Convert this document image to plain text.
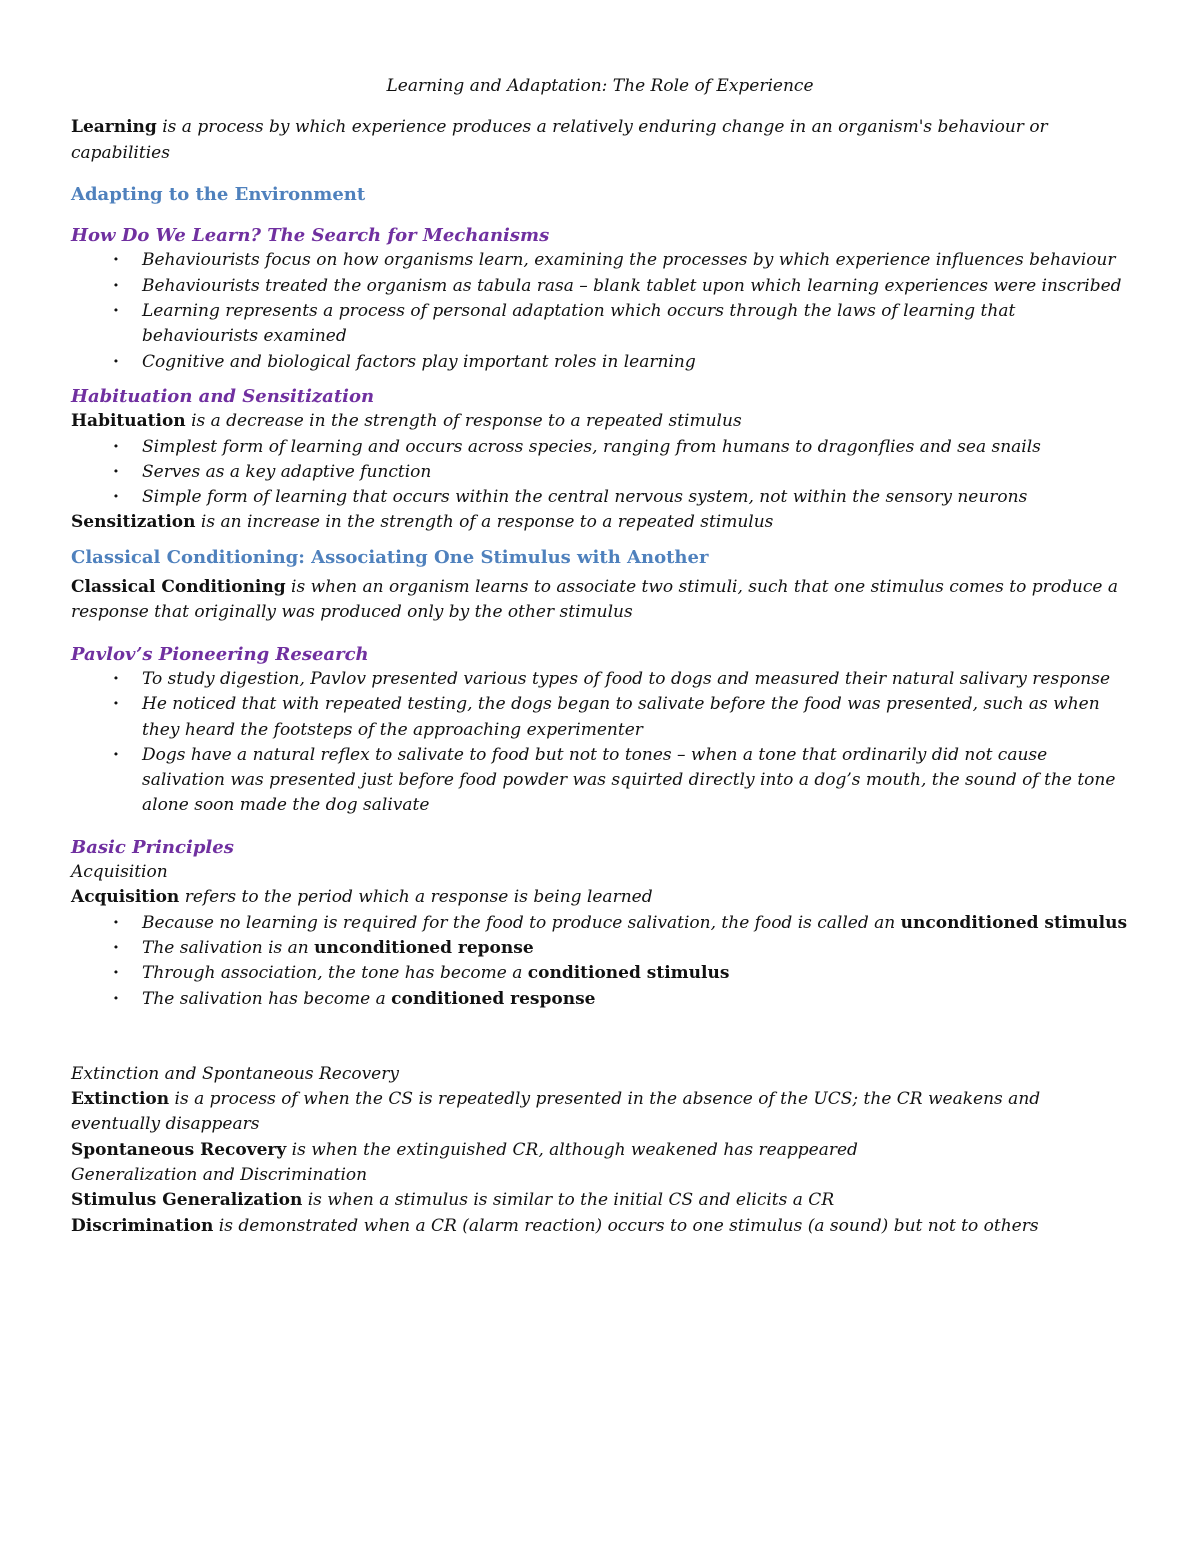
Learning and Adaptation: The Role of Experience

Learning is a process by which experience produces a relatively enduring change in an organism's behaviour or capabilities

Adapting to the Environment

How Do We Learn? The Search for Mechanisms

· Behaviourists focus on how organisms learn, examining the processes by which experience influences behaviour
· Behaviourists treated the organism as tabula rasa – blank tablet upon which learning experiences were inscribed
· Learning represents a process of personal adaptation which occurs through the laws of learning that behaviourists examined
· Cognitive and biological factors play important roles in learning

Habituation and Sensitization

Habituation is a decrease in the strength of response to a repeated stimulus

· Simplest form of learning and occurs across species, ranging from humans to dragonflies and sea snails
· Serves as a key adaptive function
· Simple form of learning that occurs within the central nervous system, not within the sensory neurons

Sensitization is an increase in the strength of a response to a repeated stimulus

Classical Conditioning: Associating One Stimulus with Another

Classical Conditioning is when an organism learns to associate two stimuli, such that one stimulus comes to produce a response that originally was produced only by the other stimulus

Pavlov’s Pioneering Research

· To study digestion, Pavlov presented various types of food to dogs and measured their natural salivary response
· He noticed that with repeated testing, the dogs began to salivate before the food was presented, such as when they heard the footsteps of the approaching experimenter
· Dogs have a natural reflex to salivate to food but not to tones – when a tone that ordinarily did not cause salivation was presented just before food powder was squirted directly into a dog’s mouth, the sound of the tone alone soon made the dog salivate

Basic Principles

Acquisition

Acquisition refers to the period which a response is being learned

· Because no learning is required for the food to produce salivation, the food is called an unconditioned stimulus
· The salivation is an unconditioned reponse
· Through association, the tone has become a conditioned stimulus
· The salivation has become a conditioned response

Extinction and Spontaneous Recovery

Extinction is a process of when the CS is repeatedly presented in the absence of the UCS; the CR weakens and eventually disappears

Spontaneous Recovery is when the extinguished CR, although weakened has reappeared

Generalization and Discrimination

Stimulus Generalization is when a stimulus is similar to the initial CS and elicits a CR

Discrimination is demonstrated when a CR (alarm reaction) occurs to one stimulus (a sound) but not to others
